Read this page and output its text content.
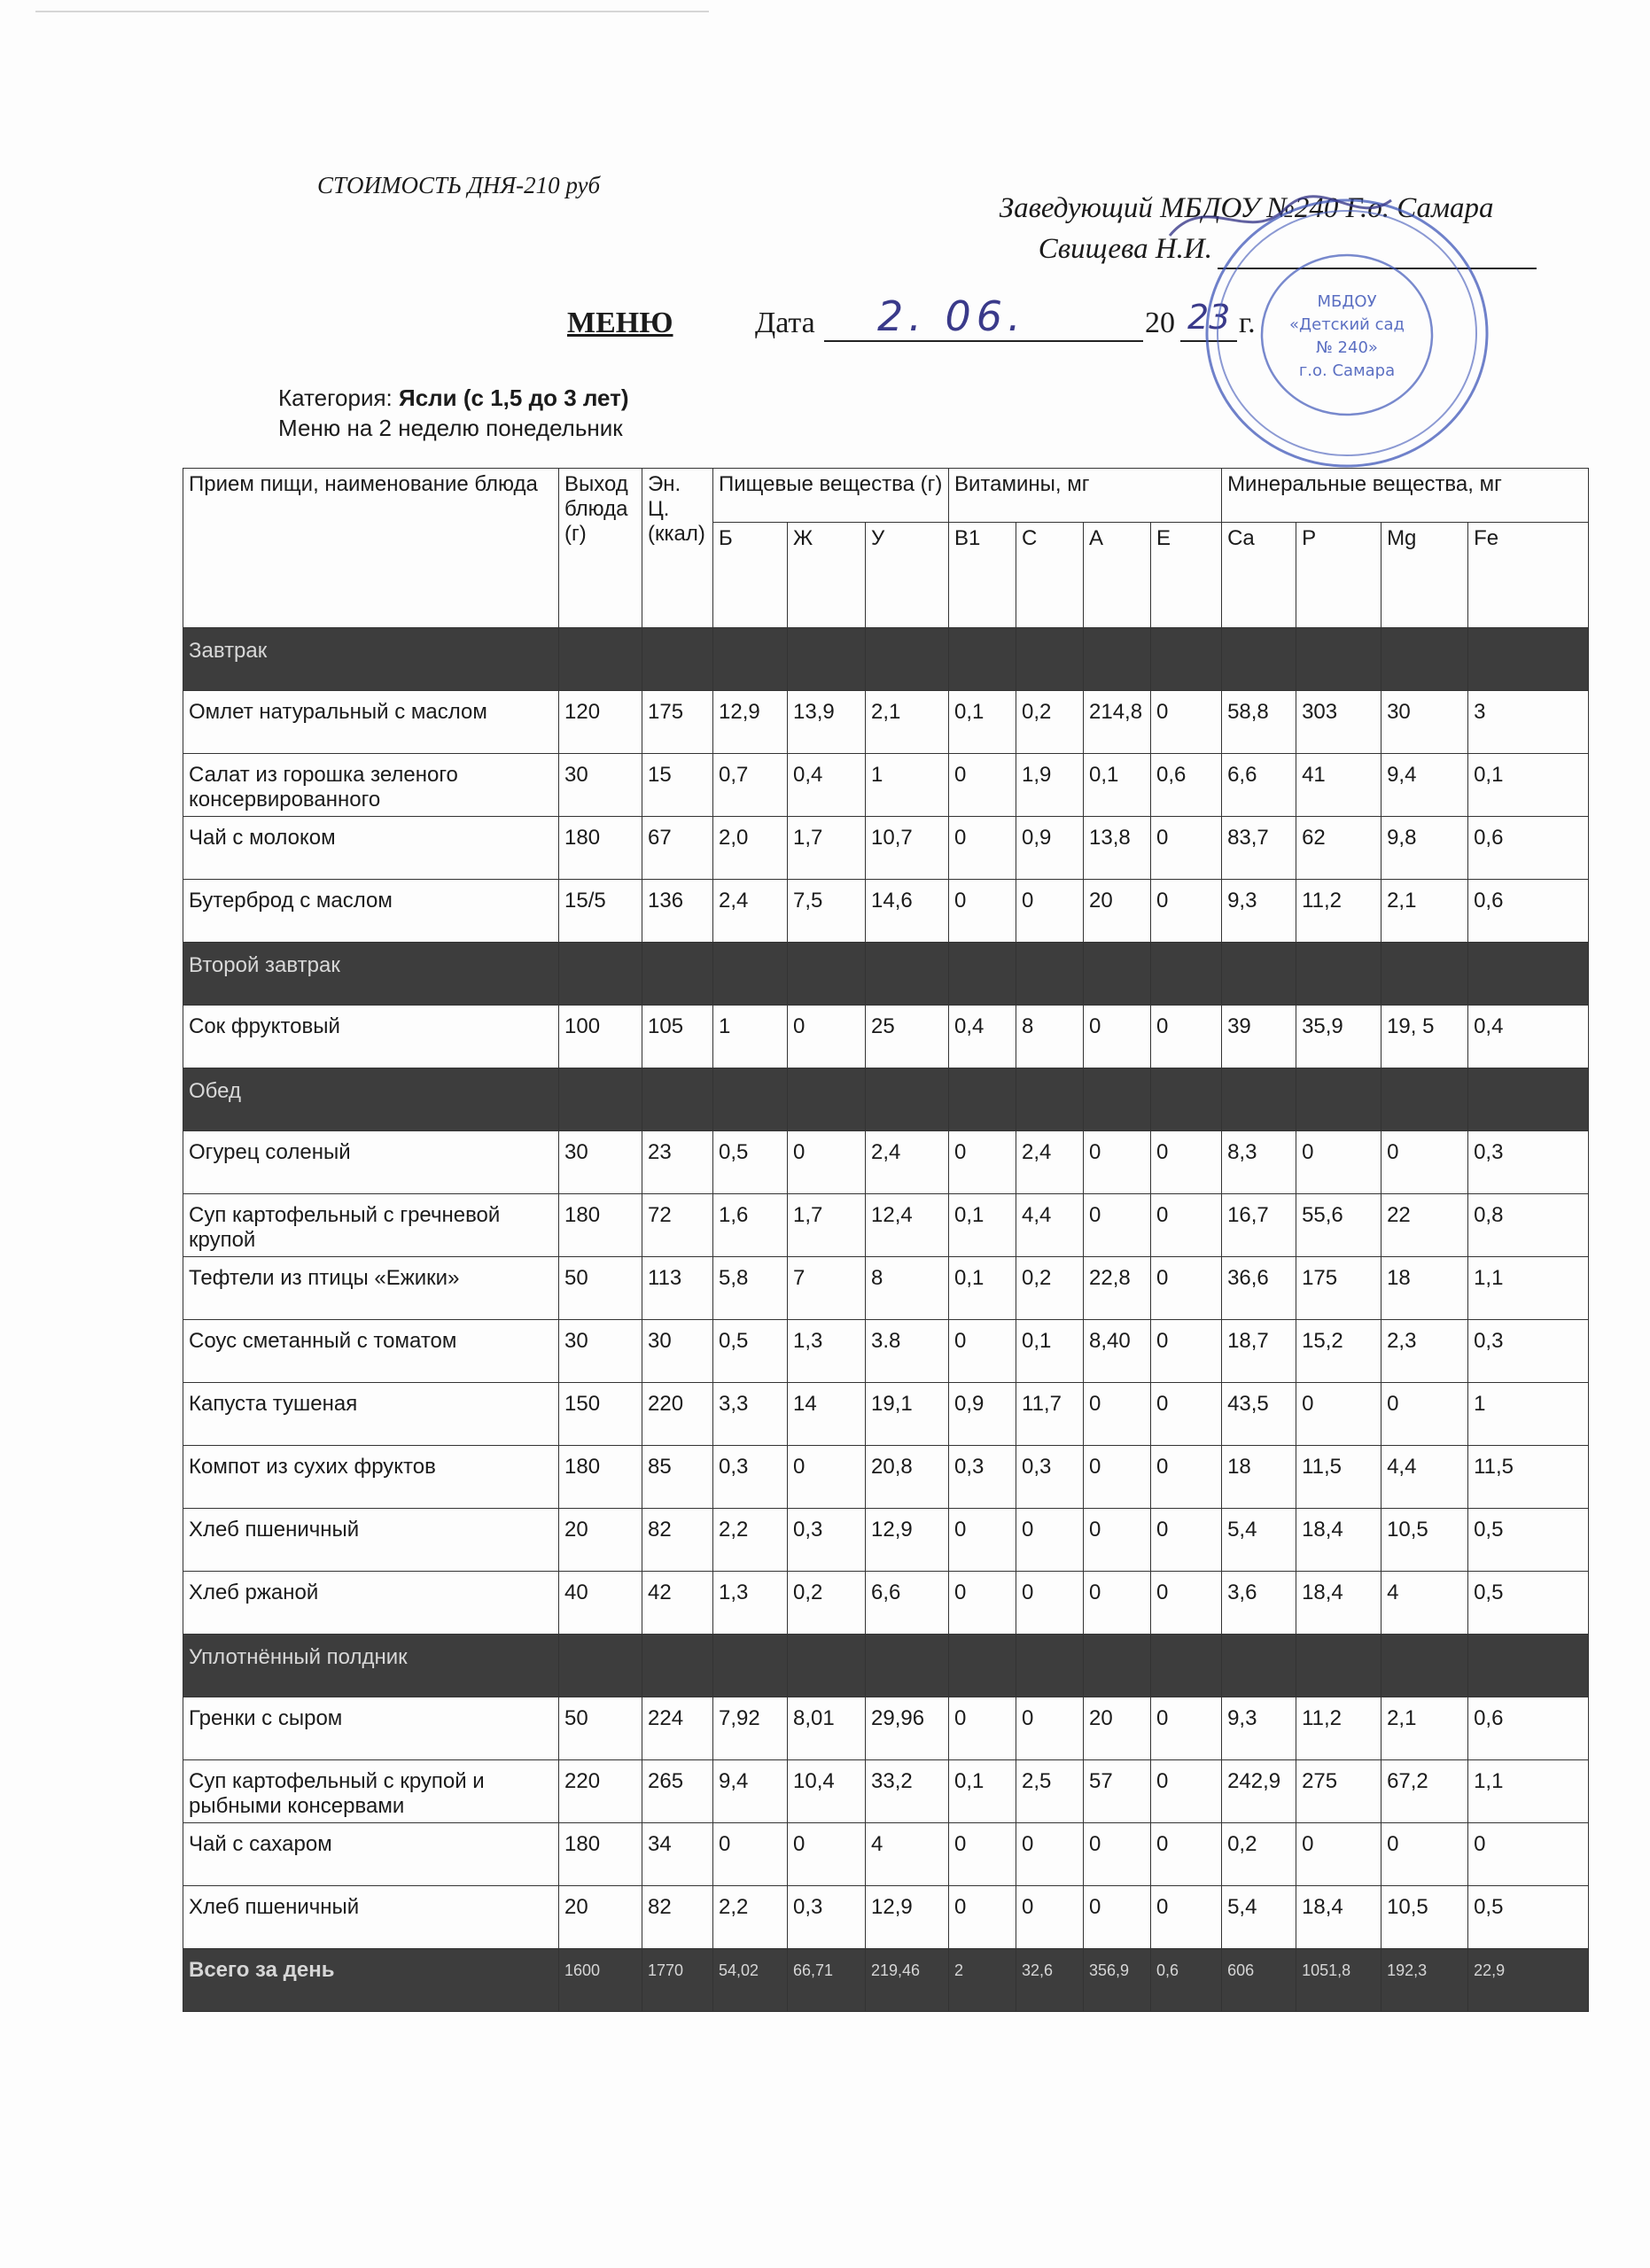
СТОИМОСТЬ ДНЯ-210 руб
Заведующий МБДОУ №240 Г.о. Самара
Свищева Н.И.
МЕНЮ	Дата 2. 06.	20 23 г.
Категория: Ясли (с 1,5 до 3 лет)
Меню на 2 неделю понедельник
МБДОУ
«Детский сад
№ 240»
г.о. Самара
Прием пищи, наименование блюда	Выход блюда (г)	Эн. Ц. (ккал)	Пищевые вещества (г)			Витамины, мг				Минеральные вещества, мг			
			Б	Ж	У	В1	С	А	Е	Ca	P	Mg	Fe
Завтрак													
Омлет натуральный с маслом	120	175	12,9	13,9	2,1	0,1	0,2	214,8	0	58,8	303	30	3
Салат из горошка зеленого консервированного	30	15	0,7	0,4	1	0	1,9	0,1	0,6	6,6	41	9,4	0,1
Чай с молоком	180	67	2,0	1,7	10,7	0	0,9	13,8	0	83,7	62	9,8	0,6
Бутерброд с маслом	15/5	136	2,4	7,5	14,6	0	0	20	0	9,3	11,2	2,1	0,6
Второй завтрак													
Сок фруктовый	100	105	1	0	25	0,4	8	0	0	39	35,9	19, 5	0,4
Обед													
Огурец соленый	30	23	0,5	0	2,4	0	2,4	0	0	8,3	0	0	0,3
Суп картофельный с гречневой крупой	180	72	1,6	1,7	12,4	0,1	4,4	0	0	16,7	55,6	22	0,8
Тефтели из птицы «Ежики»	50	113	5,8	7	8	0,1	0,2	22,8	0	36,6	175	18	1,1
Соус сметанный с томатом	30	30	0,5	1,3	3.8	0	0,1	8,40	0	18,7	15,2	2,3	0,3
Капуста тушеная	150	220	3,3	14	19,1	0,9	11,7	0	0	43,5	0	0	1
Компот из сухих фруктов	180	85	0,3	0	20,8	0,3	0,3	0	0	18	11,5	4,4	11,5
Хлеб пшеничный	20	82	2,2	0,3	12,9	0	0	0	0	5,4	18,4	10,5	0,5
Хлеб ржаной	40	42	1,3	0,2	6,6	0	0	0	0	3,6	18,4	4	0,5
Уплотнённый полдник													
Гренки с сыром	50	224	7,92	8,01	29,96	0	0	20	0	9,3	11,2	2,1	0,6
Суп картофельный с крупой и рыбными консервами	220	265	9,4	10,4	33,2	0,1	2,5	57	0	242,9	275	67,2	1,1
Чай с сахаром	180	34	0	0	4	0	0	0	0	0,2	0	0	0
Хлеб пшеничный	20	82	2,2	0,3	12,9	0	0	0	0	5,4	18,4	10,5	0,5
Всего за день	1600	1770	54,02	66,71	219,46	2	32,6	356,9	0,6	606	1051,8	192,3	22,9
